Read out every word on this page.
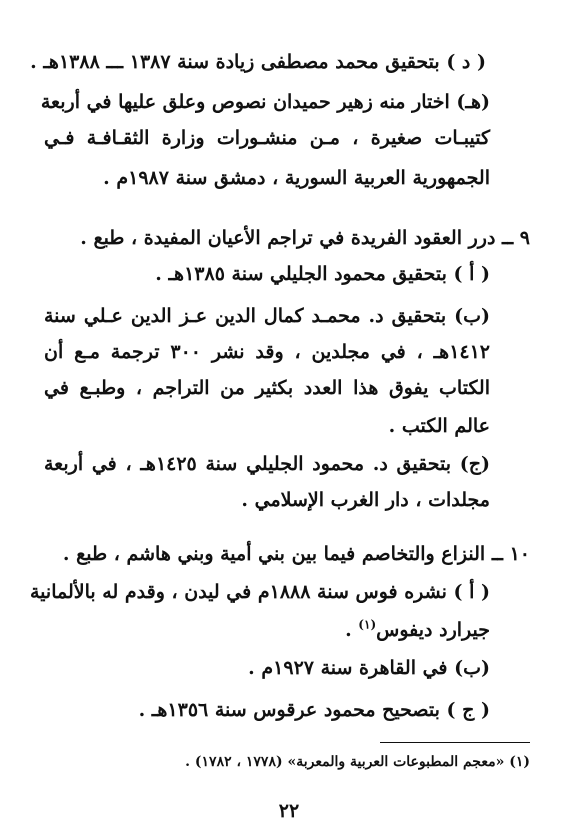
( د ) بتحقيق محمد مصطفى زيادة سنة ١٣٨٧ ـــ ١٣٨٨هـ .
(هـ) اختار منه زهير حميدان نصوص وعلق عليها في أربعة
كتيبـات صغيرة ، مـن منشـورات وزارة الثقـافـة فـي
الجمهورية العربية السورية ، دمشق سنة ١٩٨٧م .
٩ ــ درر العقود الفريدة في تراجم الأعيان المفيدة ، طبع .
( أ ) بتحقيق محمود الجليلي سنة ١٣٨٥هـ .
(ب) بتحقيق د. محمـد كمال الدين عـز الدين عـلي سنة
١٤١٢هـ ، في مجلدين ، وقد نشر ٣٠٠ ترجمة مـع أن
الكتاب يفوق هذا العدد بكثير من التراجم ، وطبـع في
عالم الكتب .
(ج) بتحقيق د. محمود الجليلي سنة ١٤٢٥هـ ، في أربعة
مجلدات ، دار الغرب الإسلامي .
١٠ ــ النزاع والتخاصم فيما بين بني أمية وبني هاشم ، طبع .
( أ ) نشره فوس سنة ١٨٨٨م في ليدن ، وقدم له بالألمانية
جيرارد ديفوس$^{(١)}$ .
(ب) في القاهرة سنة ١٩٢٧م .
( ج ) بتصحيح محمود عرقوس سنة ١٣٥٦هـ .
(١) «معجم المطبوعات العربية والمعربة» (١٧٧٨ ، ١٧٨٢) .
٢٢
